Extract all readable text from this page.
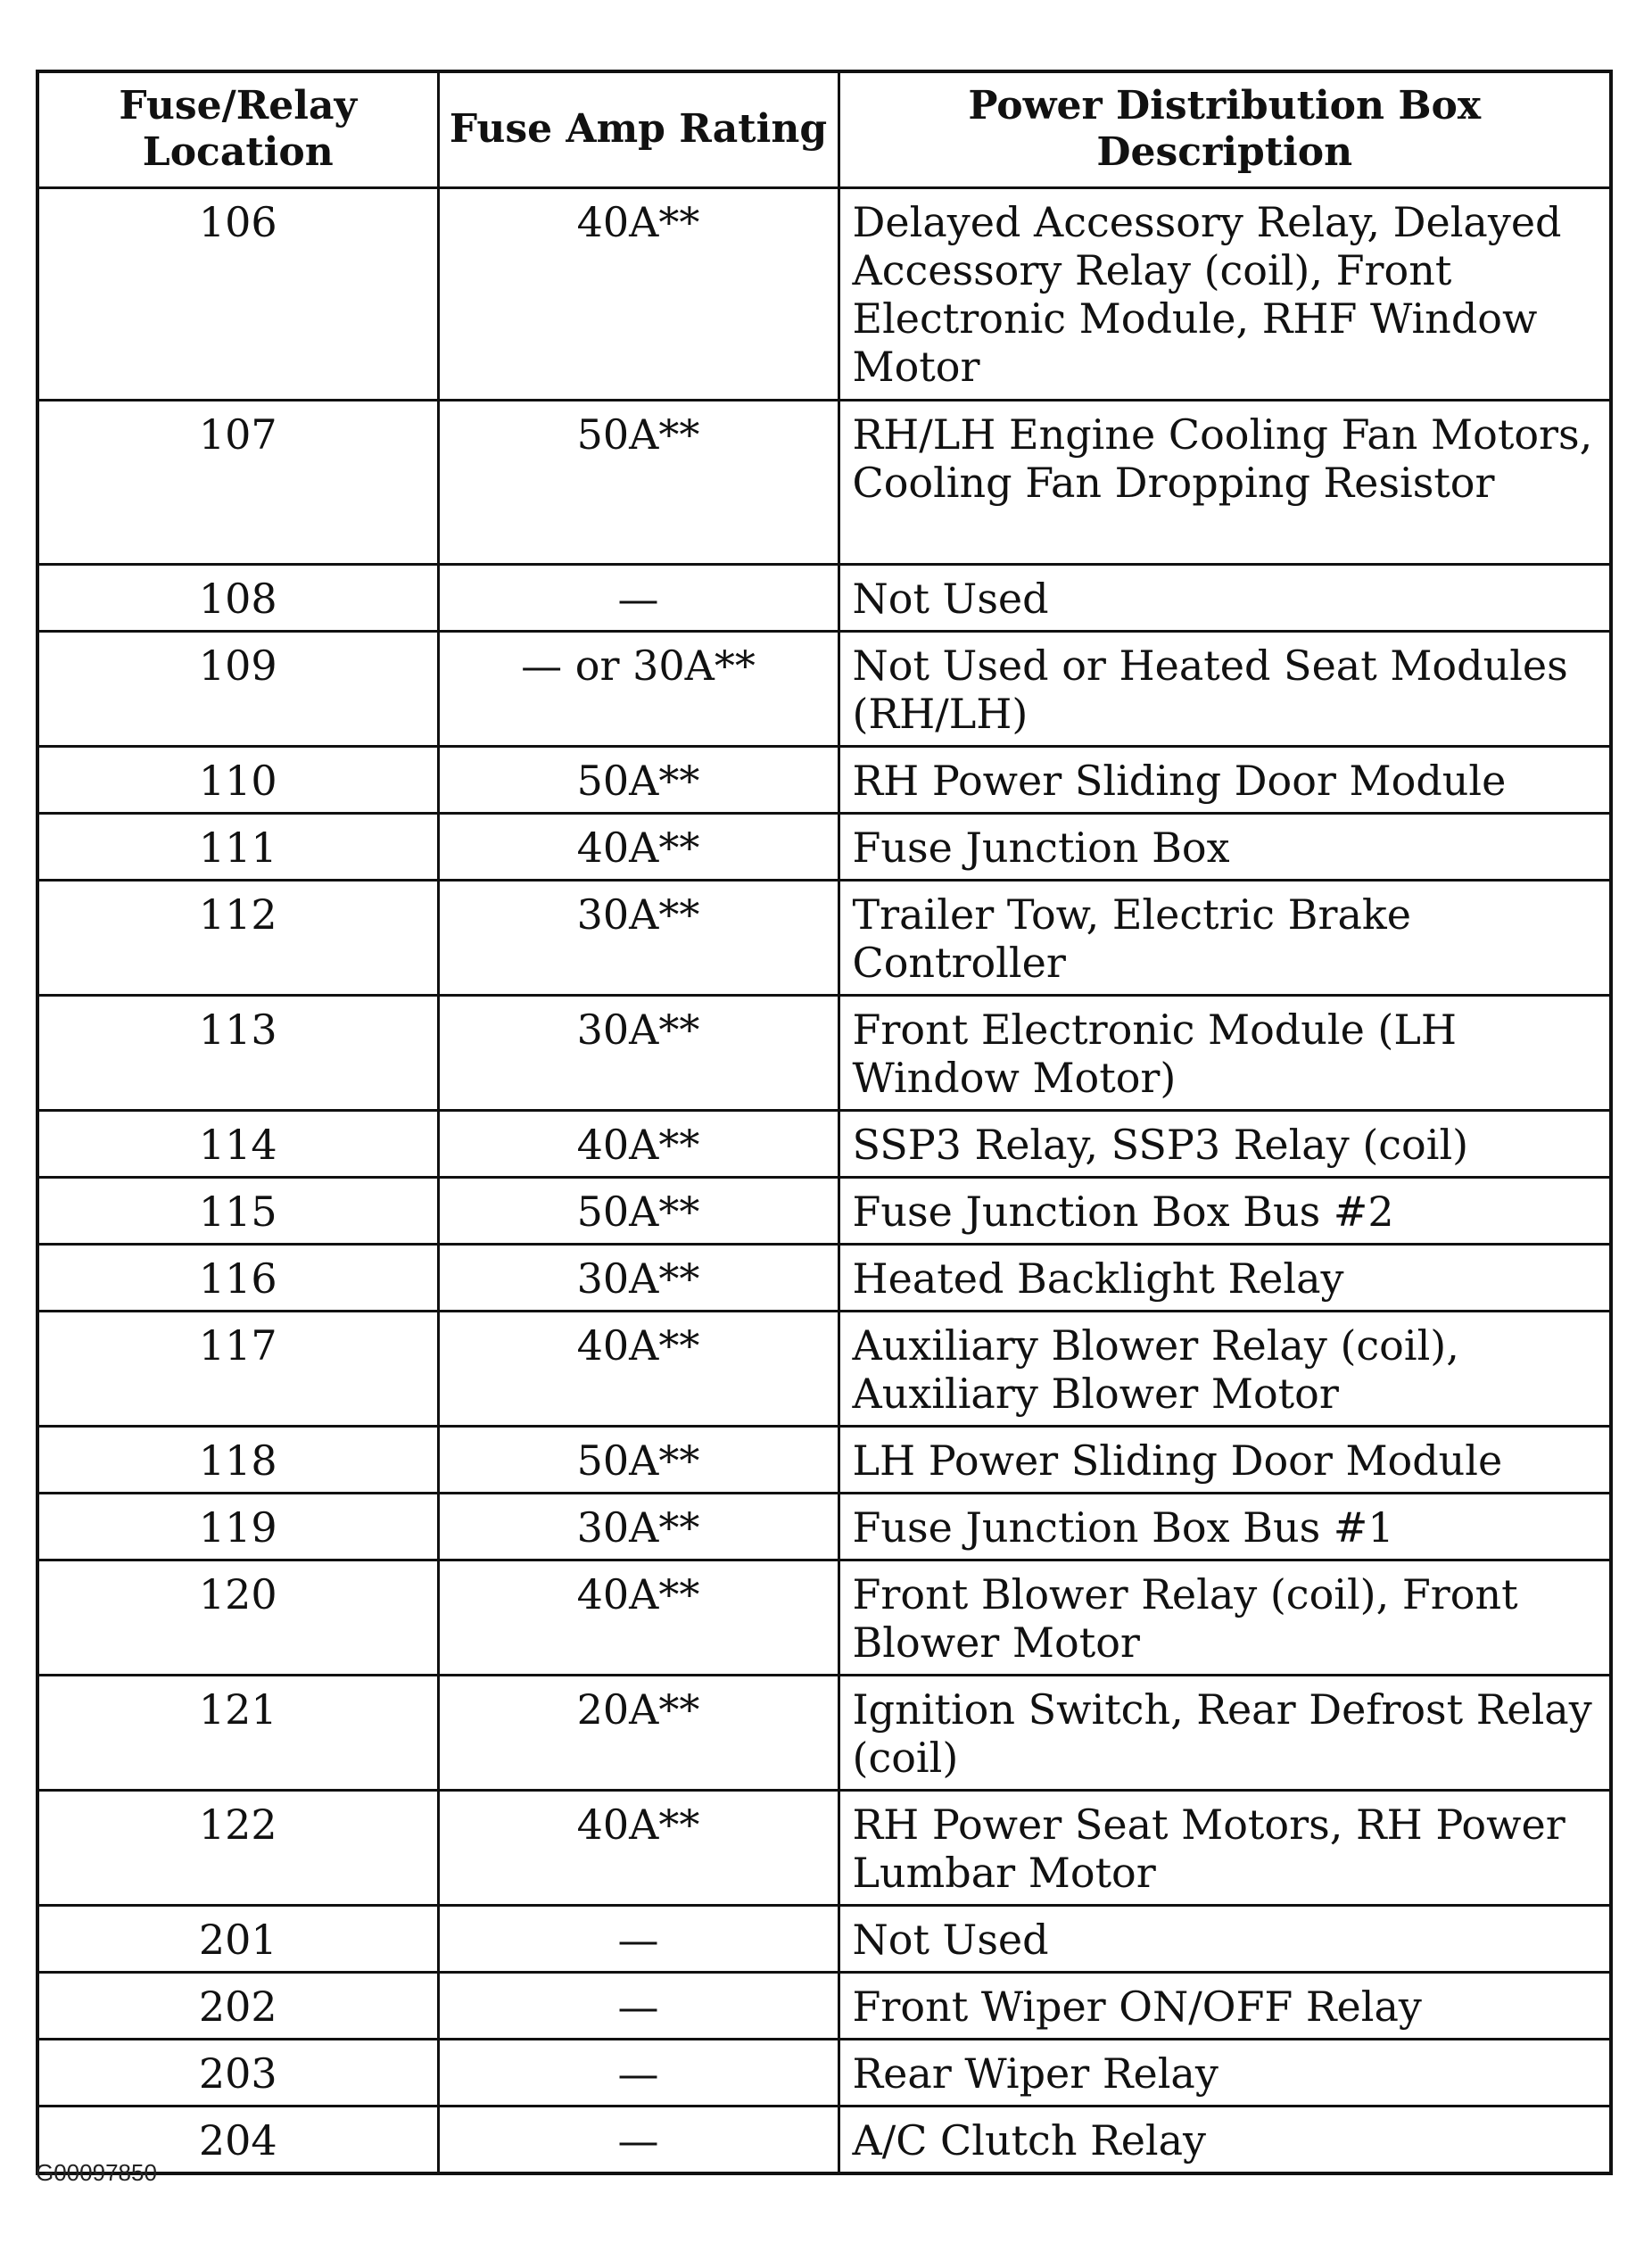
Fuse/Relay Location	Fuse Amp Rating	Power Distribution Box Description
106	40A**	Delayed Accessory Relay, Delayed Accessory Relay (coil), Front Electronic Module, RHF Window Motor
107	50A**	RH/LH Engine Cooling Fan Motors, Cooling Fan Dropping Resistor
108	—	Not Used
109	— or 30A**	Not Used or Heated Seat Modules (RH/LH)
110	50A**	RH Power Sliding Door Module
111	40A**	Fuse Junction Box
112	30A**	Trailer Tow, Electric Brake Controller
113	30A**	Front Electronic Module (LH Window Motor)
114	40A**	SSP3 Relay, SSP3 Relay (coil)
115	50A**	Fuse Junction Box Bus #2
116	30A**	Heated Backlight Relay
117	40A**	Auxiliary Blower Relay (coil), Auxiliary Blower Motor
118	50A**	LH Power Sliding Door Module
119	30A**	Fuse Junction Box Bus #1
120	40A**	Front Blower Relay (coil), Front Blower Motor
121	20A**	Ignition Switch, Rear Defrost Relay (coil)
122	40A**	RH Power Seat Motors, RH Power Lumbar Motor
201	—	Not Used
202	—	Front Wiper ON/OFF Relay
203	—	Rear Wiper Relay
204	—	A/C Clutch Relay
G00097850
